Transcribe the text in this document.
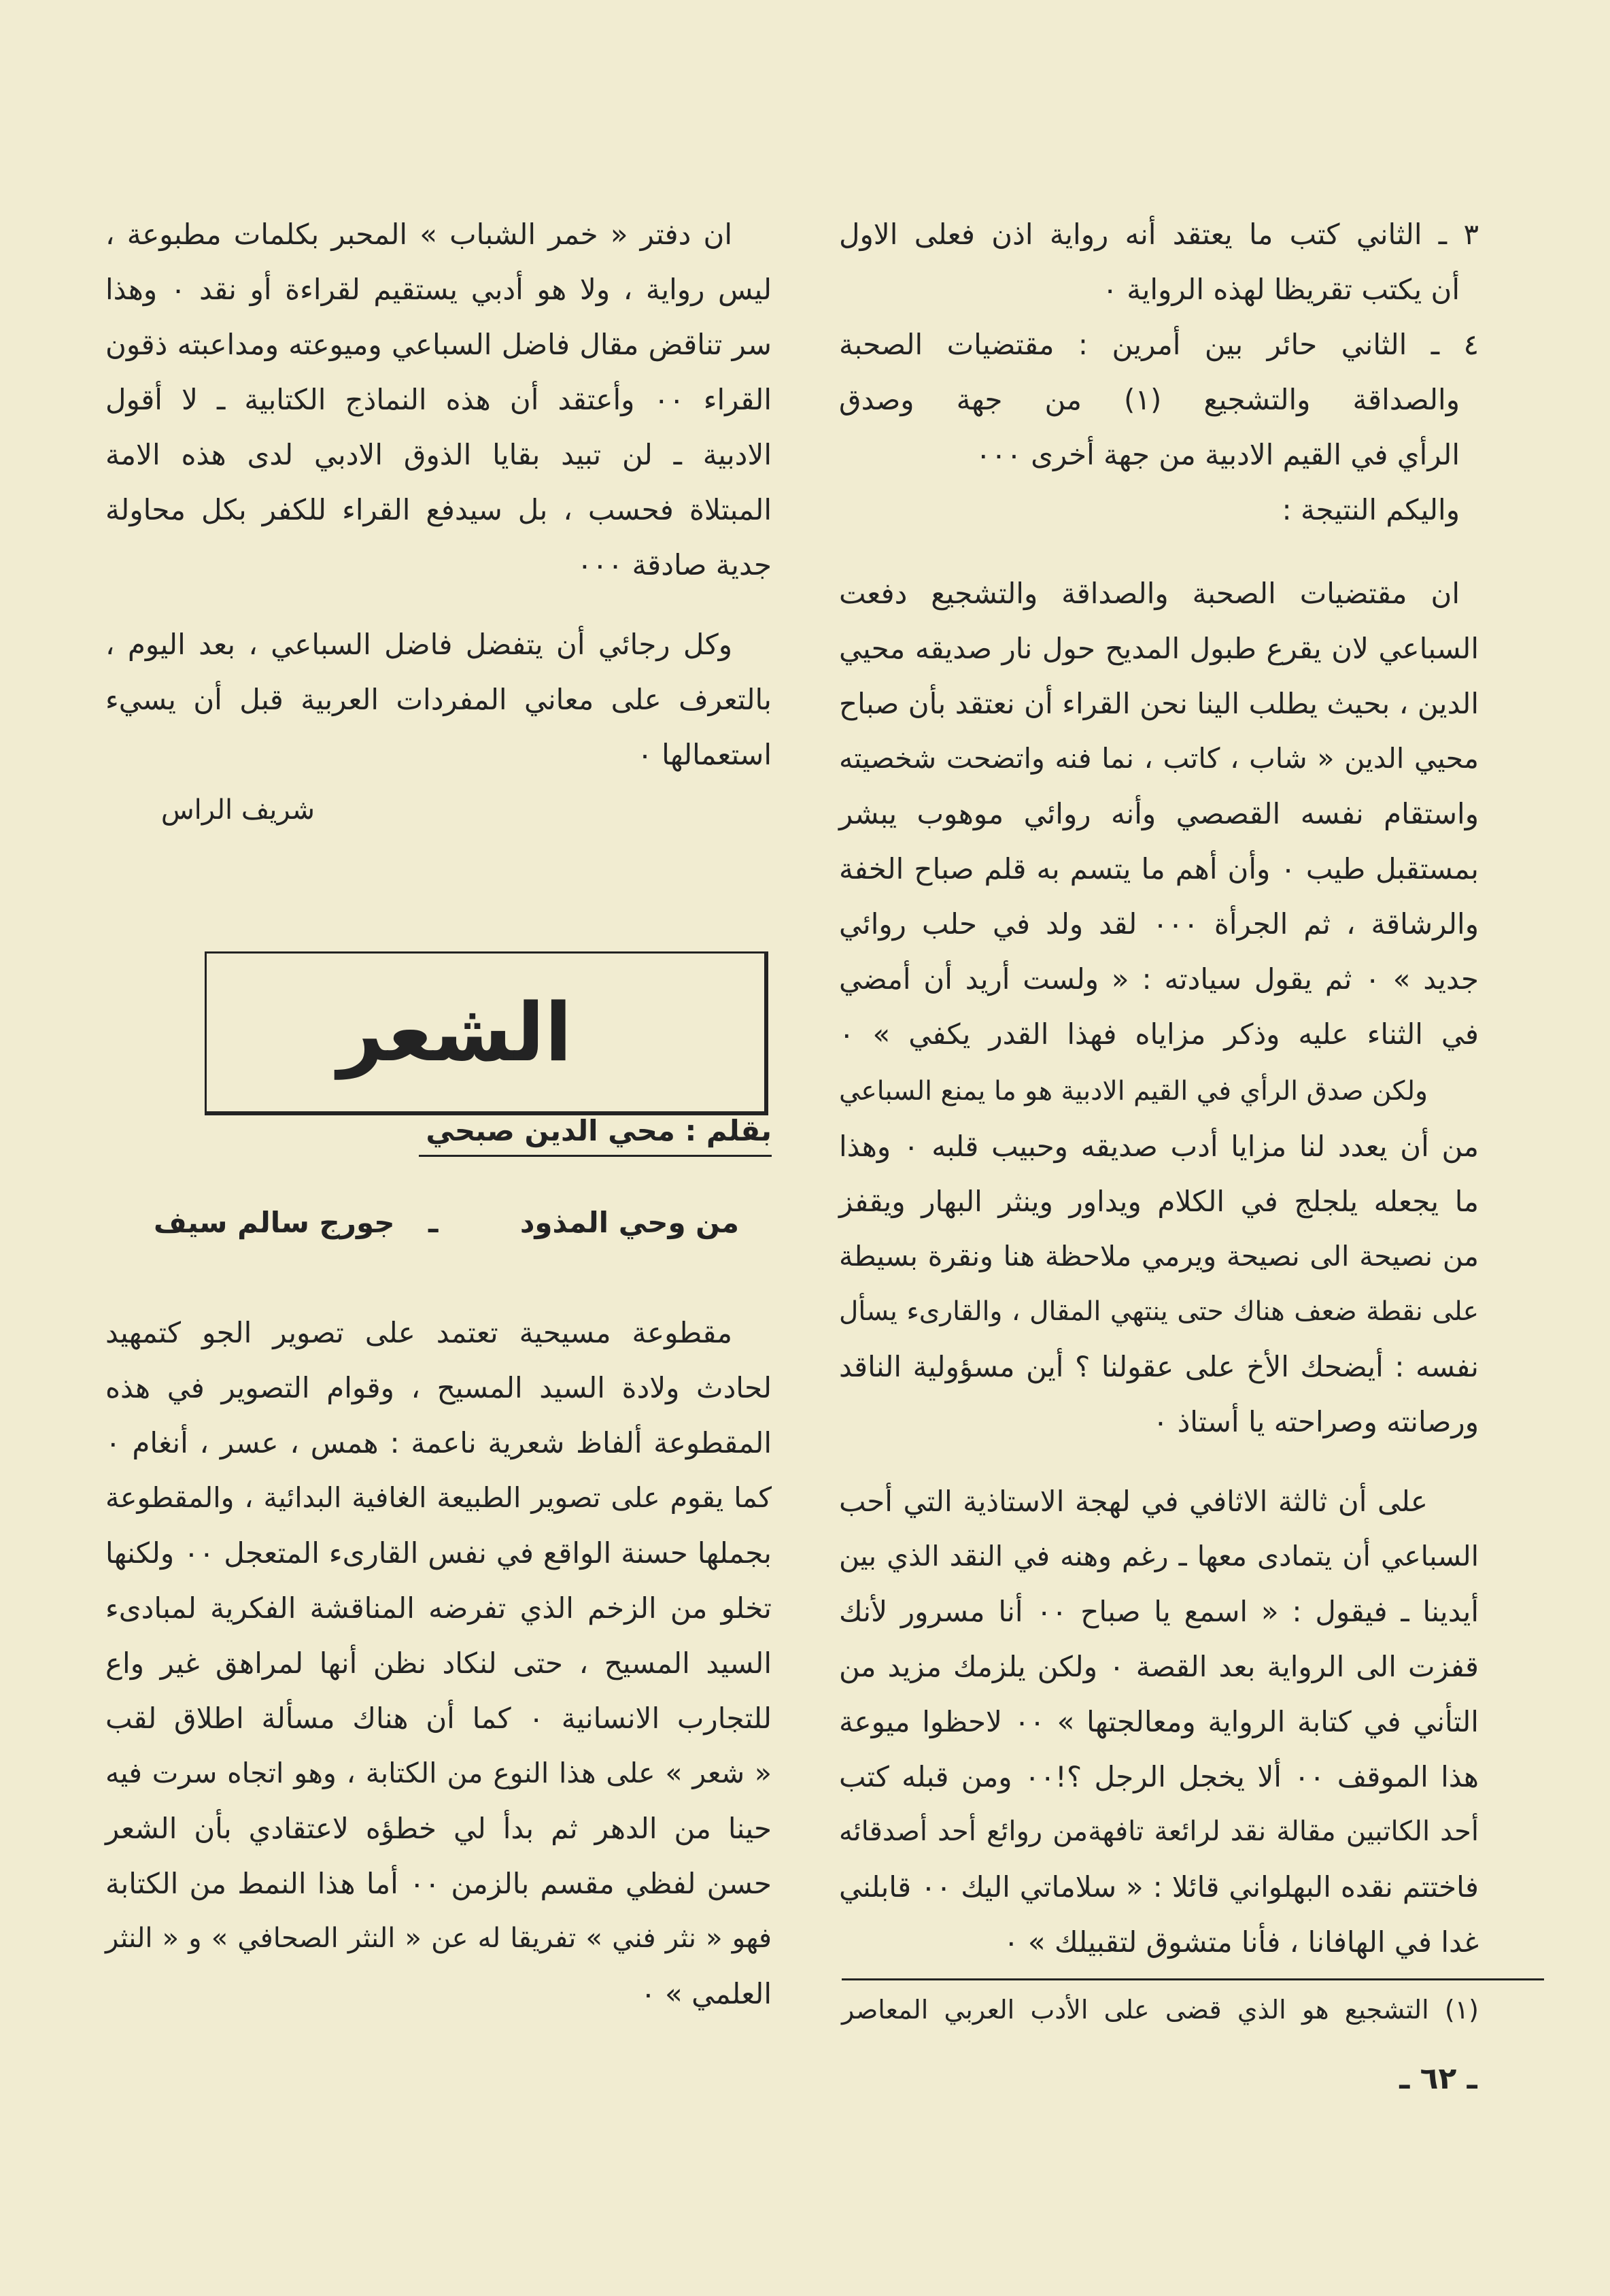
٣ ـ الثاني كتب ما يعتقد أنه رواية اذن فعلى الاول
أن يكتب تقريظا لهذه الرواية ٠
٤ ـ الثاني حائر بين أمرين : مقتضيات الصحبة
والصداقة والتشجيع (١) من جهة وصدق
الرأي في القيم الادبية من جهة أخرى ٠٠٠
واليكم النتيجة :
ان مقتضيات الصحبة والصداقة والتشجيع دفعت
السباعي لان يقرع طبول المديح حول نار صديقه محيي
الدين ، بحيث يطلب الينا نحن القراء أن نعتقد بأن صباح
محيي الدين « شاب ، كاتب ، نما فنه واتضحت شخصيته
واستقام نفسه القصصي وأنه روائي موهوب يبشر
بمستقبل طيب ٠ وأن أهم ما يتسم به قلم صباح الخفة
والرشاقة ، ثم الجرأة ٠٠٠ لقد ولد في حلب روائي
جديد » ٠ ثم يقول سيادته : « ولست أريد أن أمضي
في الثناء عليه وذكر مزاياه فهذا القدر يكفي » ٠
ولكن صدق الرأي في القيم الادبية هو ما يمنع السباعي
من أن يعدد لنا مزايا أدب صديقه وحبيب قلبه ٠ وهذا
ما يجعله يلجلج في الكلام ويداور وينثر البهار ويقفز
من نصيحة الى نصيحة ويرمي ملاحظة هنا ونقرة بسيطة
على نقطة ضعف هناك حتى ينتهي المقال ، والقارىء يسأل
نفسه : أيضحك الأخ على عقولنا ؟ أين مسؤولية الناقد
ورصانته وصراحته يا أستاذ ٠
على أن ثالثة الاثافي في لهجة الاستاذية التي أحب
السباعي أن يتمادى معها ـ رغم وهنه في النقد الذي بين
أيدينا ـ فيقول : « اسمع يا صباح ٠٠ أنا مسرور لأنك
قفزت الى الرواية بعد القصة ٠ ولكن يلزمك مزيد من
التأني في كتابة الرواية ومعالجتها » ٠٠ لاحظوا ميوعة
هذا الموقف ٠٠ ألا يخجل الرجل ؟!٠٠ ومن قبله كتب
أحد الكاتبين مقالة نقد لرائعة تافهةمن روائع أحد أصدقائه
فاختتم نقده البهلواني قائلا : « سلاماتي اليك ٠٠ قابلني
غدا في الهافانا ، فأنا متشوق لتقبيلك » ٠
(١) التشجيع هو الذي قضى على الأدب العربي المعاصر
ـ ٦٢ ـ
ان دفتر « خمر الشباب » المحبر بكلمات مطبوعة ،
ليس رواية ، ولا هو أدبي يستقيم لقراءة أو نقد ٠ وهذا
سر تناقض مقال فاضل السباعي وميوعته ومداعبته ذقون
القراء ٠٠ وأعتقد أن هذه النماذج الكتابية ـ لا أقول
الادبية ـ لن تبيد بقايا الذوق الادبي لدى هذه الامة
المبتلاة فحسب ، بل سيدفع القراء للكفر بكل محاولة
جدية صادقة ٠٠٠
وكل رجائي أن يتفضل فاضل السباعي ، بعد اليوم ،
بالتعرف على معاني المفردات العربية قبل أن يسيء
استعمالها ٠
شريف الراس
الشعر
بقلم : محي الدين صبحي
من وحي المذود
ـ
جورج سالم سيف
مقطوعة مسيحية تعتمد على تصوير الجو كتمهيد
لحادث ولادة السيد المسيح ، وقوام التصوير في هذه
المقطوعة ألفاظ شعرية ناعمة : همس ، عسر ، أنغام ٠
كما يقوم على تصوير الطبيعة الغافية البدائية ، والمقطوعة
بجملها حسنة الواقع في نفس القارىء المتعجل ٠٠ ولكنها
تخلو من الزخم الذي تفرضه المناقشة الفكرية لمبادىء
السيد المسيح ، حتى لنكاد نظن أنها لمراهق غير واع
للتجارب الانسانية ٠ كما أن هناك مسألة اطلاق لقب
« شعر » على هذا النوع من الكتابة ، وهو اتجاه سرت فيه
حينا من الدهر ثم بدأ لي خطؤه لاعتقادي بأن الشعر
حسن لفظي مقسم بالزمن ٠٠ أما هذا النمط من الكتابة
فهو « نثر فني » تفريقا له عن « النثر الصحافي » و « النثر
العلمي » ٠
